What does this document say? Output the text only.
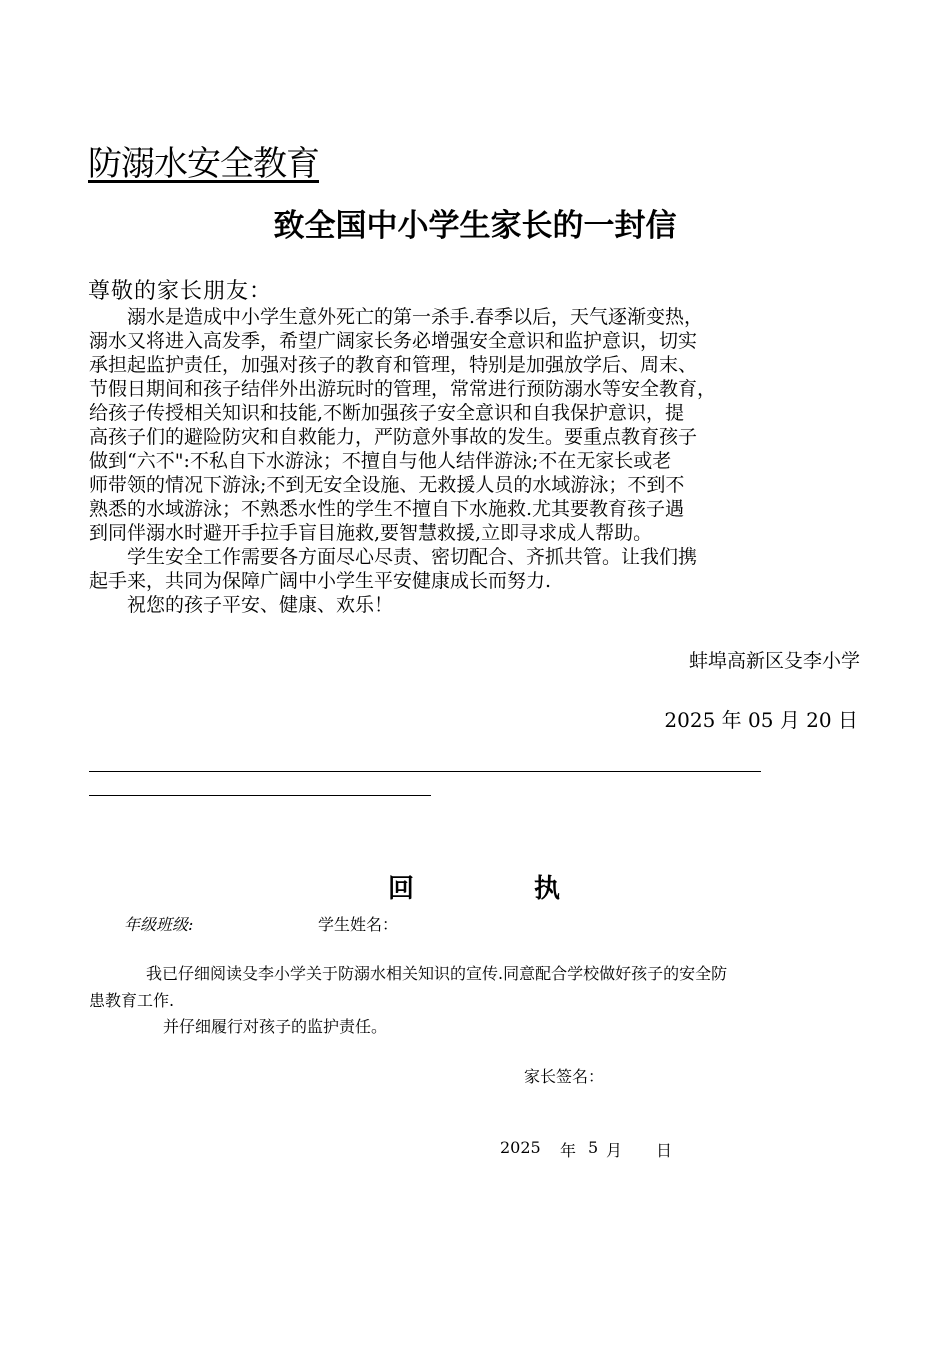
防溺水安全教育
致全国中小学生家长的一封信
尊敬的家长朋友：
　　溺水是造成中小学生意外死亡的第一杀手.春季以后，天气逐渐变热，
溺水又将进入高发季，希望广阔家长务必增强安全意识和监护意识，切实
承担起监护责任，加强对孩子的教育和管理，特别是加强放学后、周末、
节假日期间和孩子结伴外出游玩时的管理，常常进行预防溺水等安全教育，
给孩子传授相关知识和技能,不断加强孩子安全意识和自我保护意识，提
高孩子们的避险防灾和自救能力，严防意外事故的发生。要重点教育孩子
做到“六不":不私自下水游泳；不擅自与他人结伴游泳;不在无家长或老
师带领的情况下游泳;不到无安全设施、无救援人员的水域游泳；不到不
熟悉的水域游泳；不熟悉水性的学生不擅自下水施救.尤其要教育孩子遇
到同伴溺水时避开手拉手盲目施救,要智慧救援,立即寻求成人帮助。
　　学生安全工作需要各方面尽心尽责、密切配合、齐抓共管。让我们携
起手来，共同为保障广阔中小学生平安健康成长而努力.
　　祝您的孩子平安、健康、欢乐！
蚌埠高新区殳李小学
2025 年 05 月 20 日
回	执
年级班级:	学生姓名：
我已仔细阅读殳李小学关于防溺水相关知识的宣传.同意配合学校做好孩子的安全防
患教育工作.
并仔细履行对孩子的监护责任。
家长签名：
2025 年 5 月 日
